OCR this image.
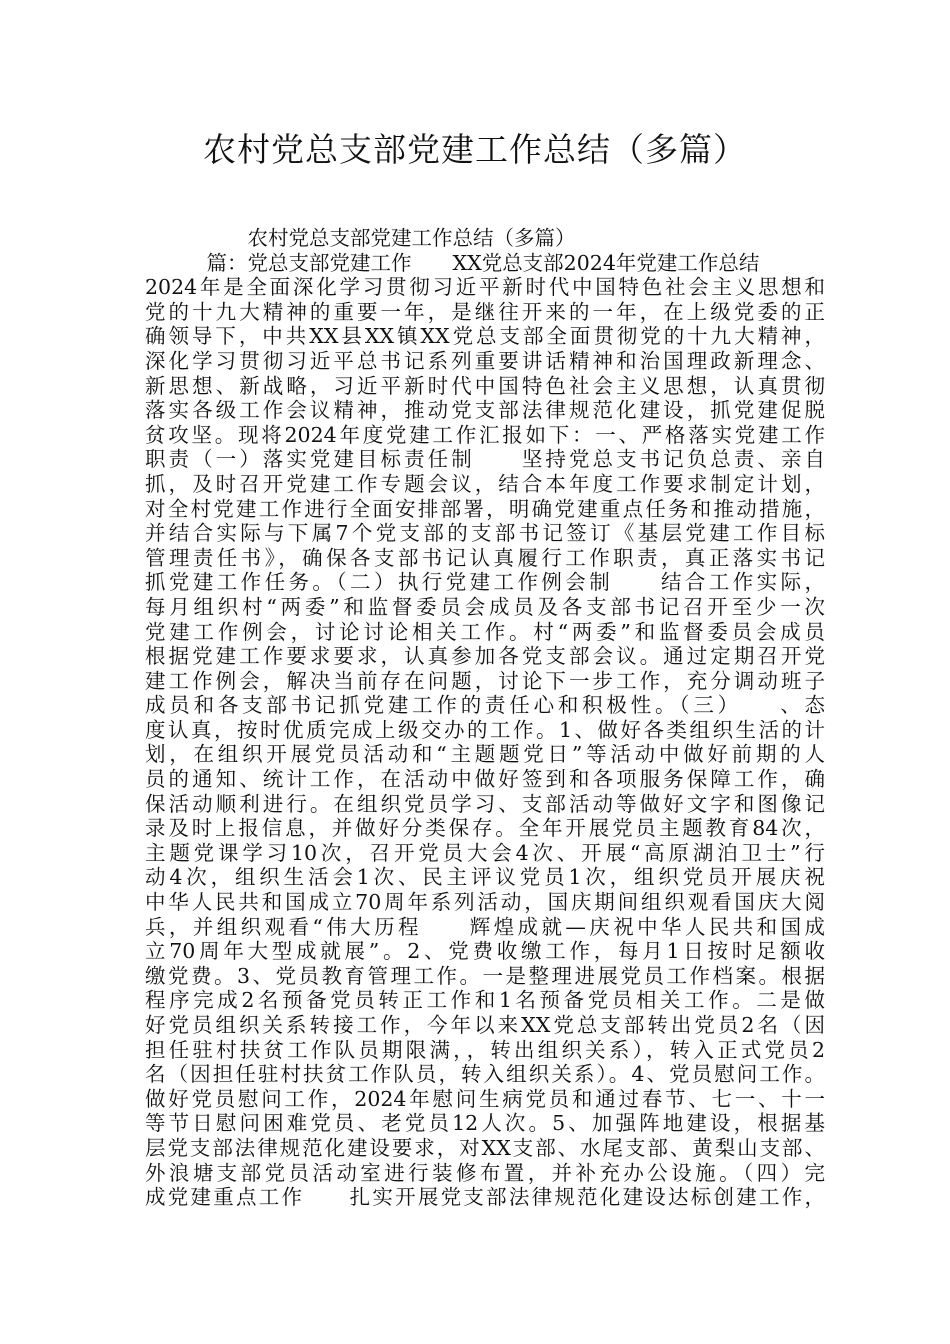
农村党总支部党建工作总结（多篇）
　　　　　农村党总支部党建工作总结（多篇）
　　　篇：党总支部党建工作　　XX党总支部2024年党建工作总结
2024年是全面深化学习贯彻习近平新时代中国特色社会主义思想和
党的十九大精神的重要一年，是继往开来的一年，在上级党委的正
确领导下，中共XX县XX镇XX党总支部全面贯彻党的十九大精神，
深化学习贯彻习近平总书记系列重要讲话精神和治国理政新理念、
新思想、新战略，习近平新时代中国特色社会主义思想，认真贯彻
落实各级工作会议精神，推动党支部法律规范化建设，抓党建促脱
贫攻坚。现将2024年度党建工作汇报如下：一、严格落实党建工作
职责（一）落实党建目标责任制　　坚持党总支书记负总责、亲自
抓，及时召开党建工作专题会议，结合本年度工作要求制定计划，
对全村党建工作进行全面安排部署，明确党建重点任务和推动措施，
并结合实际与下属7个党支部的支部书记签订《基层党建工作目标
管理责任书》，确保各支部书记认真履行工作职责，真正落实书记
抓党建工作任务。（二）执行党建工作例会制　　结合工作实际，
每月组织村“两委”和监督委员会成员及各支部书记召开至少一次
党建工作例会，讨论讨论相关工作。村“两委”和监督委员会成员
根据党建工作要求要求，认真参加各党支部会议。通过定期召开党
建工作例会，解决当前存在问题，讨论下一步工作，充分调动班子
成员和各支部书记抓党建工作的责任心和积极性。（三）　　、态
度认真，按时优质完成上级交办的工作。1、做好各类组织生活的计
划，在组织开展党员活动和“主题题党日”等活动中做好前期的人
员的通知、统计工作，在活动中做好签到和各项服务保障工作，确
保活动顺利进行。在组织党员学习、支部活动等做好文字和图像记
录及时上报信息，并做好分类保存。全年开展党员主题教育84次，
主题党课学习10次，召开党员大会4次、开展“高原湖泊卫士”行
动4次，组织生活会1次、民主评议党员1次，组织党员开展庆祝
中华人民共和国成立70周年系列活动，国庆期间组织观看国庆大阅
兵，并组织观看“伟大历程　　辉煌成就—庆祝中华人民共和国成
立70周年大型成就展”。2、党费收缴工作，每月1日按时足额收
缴党费。3、党员教育管理工作。一是整理进展党员工作档案。根据
程序完成2名预备党员转正工作和1名预备党员相关工作。二是做
好党员组织关系转接工作，今年以来XX党总支部转出党员2名（因
担任驻村扶贫工作队员期限满，，转出组织关系），转入正式党员2
名（因担任驻村扶贫工作队员，转入组织关系）。4、党员慰问工作。
做好党员慰问工作，2024年慰问生病党员和通过春节、七一、十一
等节日慰问困难党员、老党员12人次。5、加强阵地建设，根据基
层党支部法律规范化建设要求，对XX支部、水尾支部、黄梨山支部、
外浪塘支部党员活动室进行装修布置，并补充办公设施。（四）完
成党建重点工作　　扎实开展党支部法律规范化建设达标创建工作，
